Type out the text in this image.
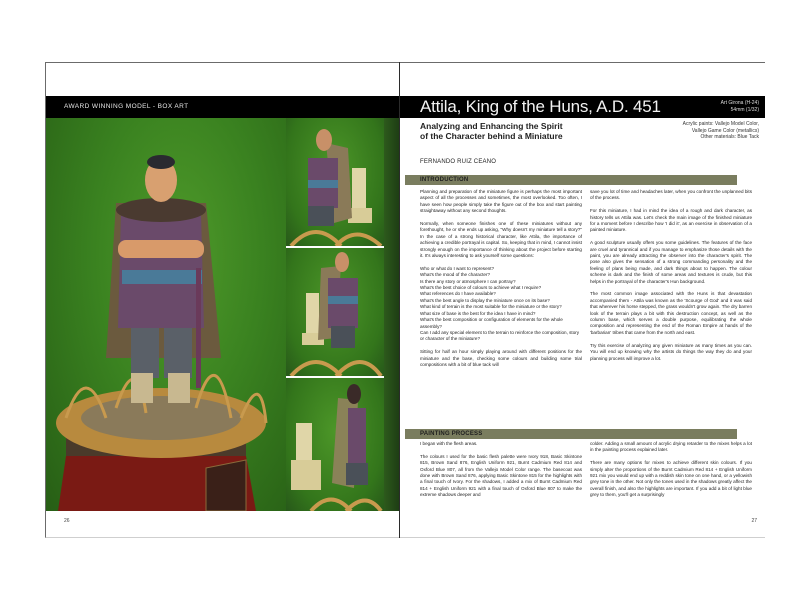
AWARD WINNING MODEL - BOX ART
26
Attila, King of the Huns, A.D. 451	Art Girona (H-24)
54mm (1/32)
Analyzing and Enhancing the Spirit
of the Character behind a Miniature
Acrylic paints: Vallejo Model Color,
Vallejo Game Color (metallics)
Other materials: Blue Tack
FERNANDO RUIZ CEANO
INTRODUCTION

Planning and preparation of the miniature figure is perhaps the most important aspect of all the processes and sometimes, the most overlooked. Too often, I have seen how people simply take the figure out of the box and start painting straightaway without any second thoughts.

Normally, when someone finishes one of these miniatures without any forethought, he or she ends up asking, "Why doesn't my miniature tell a story?" In the case of a strong historical character, like Attila, the importance of achieving a credible portrayal is capital. So, keeping that in mind, I cannot insist strongly enough on the importance of thinking about the project before starting it. It's always interesting to ask yourself some questions:

Who or what do I want to represent?
What's the mood of the character?
Is there any story or atmosphere I can portray?
What's the best choice of colours to achieve what I require?
What references do I have available?
What's the best angle to display the miniature once on its base?
What kind of terrain is the most suitable for the miniature or the story?
What size of base is the best for the idea I have in mind?
What's the best composition or configuration of elements for the whole assembly?
Can I add any special element to the terrain to reinforce the composition, story or character of the miniature?

Sitting for half an hour simply playing around with different positions for the miniature and the base, checking some colours and building some trial compositions with a bit of blue tack will

save you lot of time and headaches later, when you confront the unplanned bits of the process.

For this miniature, I had in mind the idea of a rough and dark character, as history tells us Attila was. Let's check the main image of the finished miniature for a moment before I describe how 'I did it', as an exercise in observation of a painted miniature.

A good sculpture usually offers you some guidelines. The features of the face are cruel and tyrannical and if you manage to emphasize those details with the paint, you are already attracting the observer into the character's spirit. The pose also gives the sensation of a strong commanding personality and the feeling of plans being made, and dark things about to happen. The colour scheme is dark and the finish of some areas and textures is crude, but this helps in the portrayal of the character's Hun background.

The most common image associated with the Huns is that devastation accompanied them - Attila was known as the 'Scourge of God' and it was said that wherever his horse stepped, the grass wouldn't grow again. The dry barren look of the terrain plays a bit with this destruction concept, as well as the column base, which serves a double purpose, equilibrating the whole composition and representing the end of the Roman Empire at hands of the 'barbarian' tribes that came from the north and east.

Try this exercise of analyzing any given miniature as many times as you can. You will end up knowing why the artists do things the way they do and your planning process will improve a lot.

PAINTING PROCESS

I began with the flesh areas.

The colours I used for the basic flesh palette were Ivory 918, Basic Skintone 815, Brown Sand 876, English Uniform 921, Burnt Cadmium Red 814 and Oxford Blue 807, all from the Vallejo Model Color range. The basecoat was done with Brown Sand 876, applying Basic Skintone 815 for the highlights with a final touch of Ivory. For the shadows, I added a mix of Burnt Cadmium Red 814 + English Uniform 921 with a final touch of Oxford Blue 807 to make the extreme shadows deeper and

colder. Adding a small amount of acrylic drying retarder to the mixes helps a lot in the painting process explained later.

There are many options for mixes to achieve different skin colours. If you simply alter the proportions of the Burnt Cadmium Red 814 + English Uniform 921 mix you would end up with a reddish skin tone on one hand, or a yellowish grey tone in the other. Not only the tones used in the shadows greatly affect the overall finish, and also the highlights are important. If you add a bit of light blue grey to them, you'll get a surprisingly

27
